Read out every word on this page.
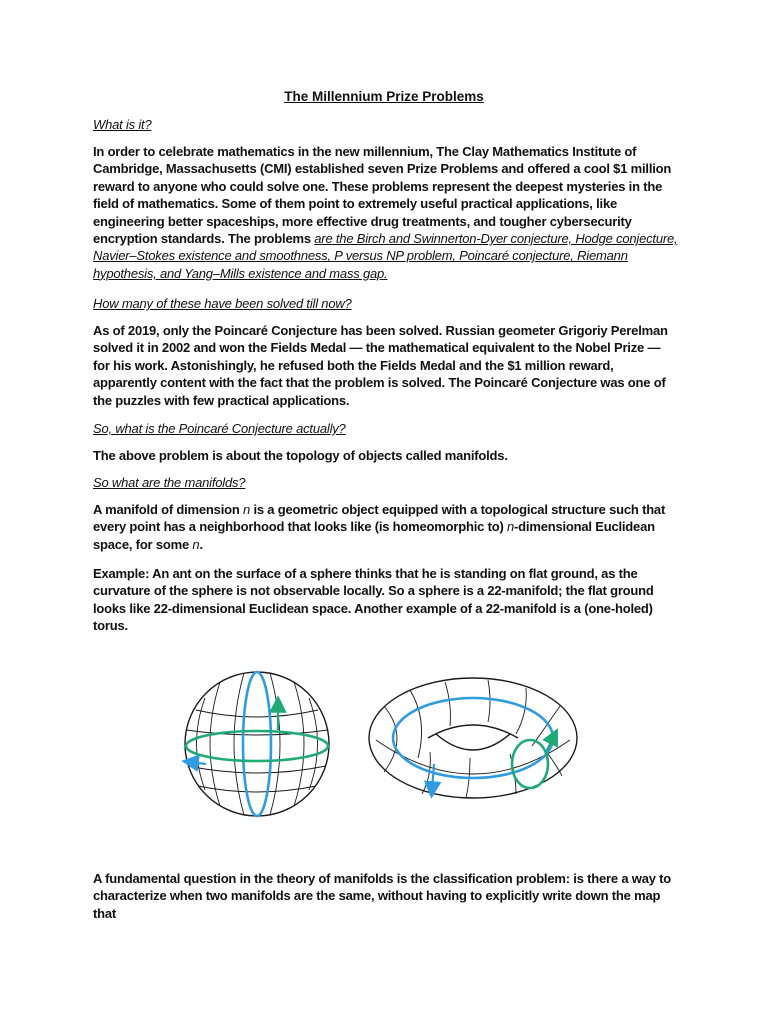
The Millennium Prize Problems
What is it?
In order to celebrate mathematics in the new millennium, The Clay Mathematics Institute of Cambridge, Massachusetts (CMI) established seven Prize Problems and offered a cool $1 million reward to anyone who could solve one. These problems represent the deepest mysteries in the field of mathematics. Some of them point to extremely useful practical applications, like engineering better spaceships, more effective drug treatments, and tougher cybersecurity encryption standards. The problems are the Birch and Swinnerton-Dyer conjecture, Hodge conjecture, Navier–Stokes existence and smoothness, P versus NP problem, Poincaré conjecture, Riemann hypothesis, and Yang–Mills existence and mass gap.
How many of these have been solved till now?
As of 2019, only the Poincaré Conjecture has been solved. Russian geometer Grigoriy Perelman solved it in 2002 and won the Fields Medal — the mathematical equivalent to the Nobel Prize — for his work. Astonishingly, he refused both the Fields Medal and the $1 million reward, apparently content with the fact that the problem is solved. The Poincaré Conjecture was one of the puzzles with few practical applications.
So, what is the Poincaré Conjecture actually?
The above problem is about the topology of objects called manifolds.
So what are the manifolds?
A manifold of dimension n is a geometric object equipped with a topological structure such that every point has a neighborhood that looks like (is homeomorphic to) n-dimensional Euclidean space, for some n.
Example: An ant on the surface of a sphere thinks that he is standing on flat ground, as the curvature of the sphere is not observable locally. So a sphere is a 22-manifold; the flat ground looks like 22-dimensional Euclidean space. Another example of a 22-manifold is a (one-holed) torus.
A fundamental question in the theory of manifolds is the classification problem: is there a way to characterize when two manifolds are the same, without having to explicitly write down the map that
